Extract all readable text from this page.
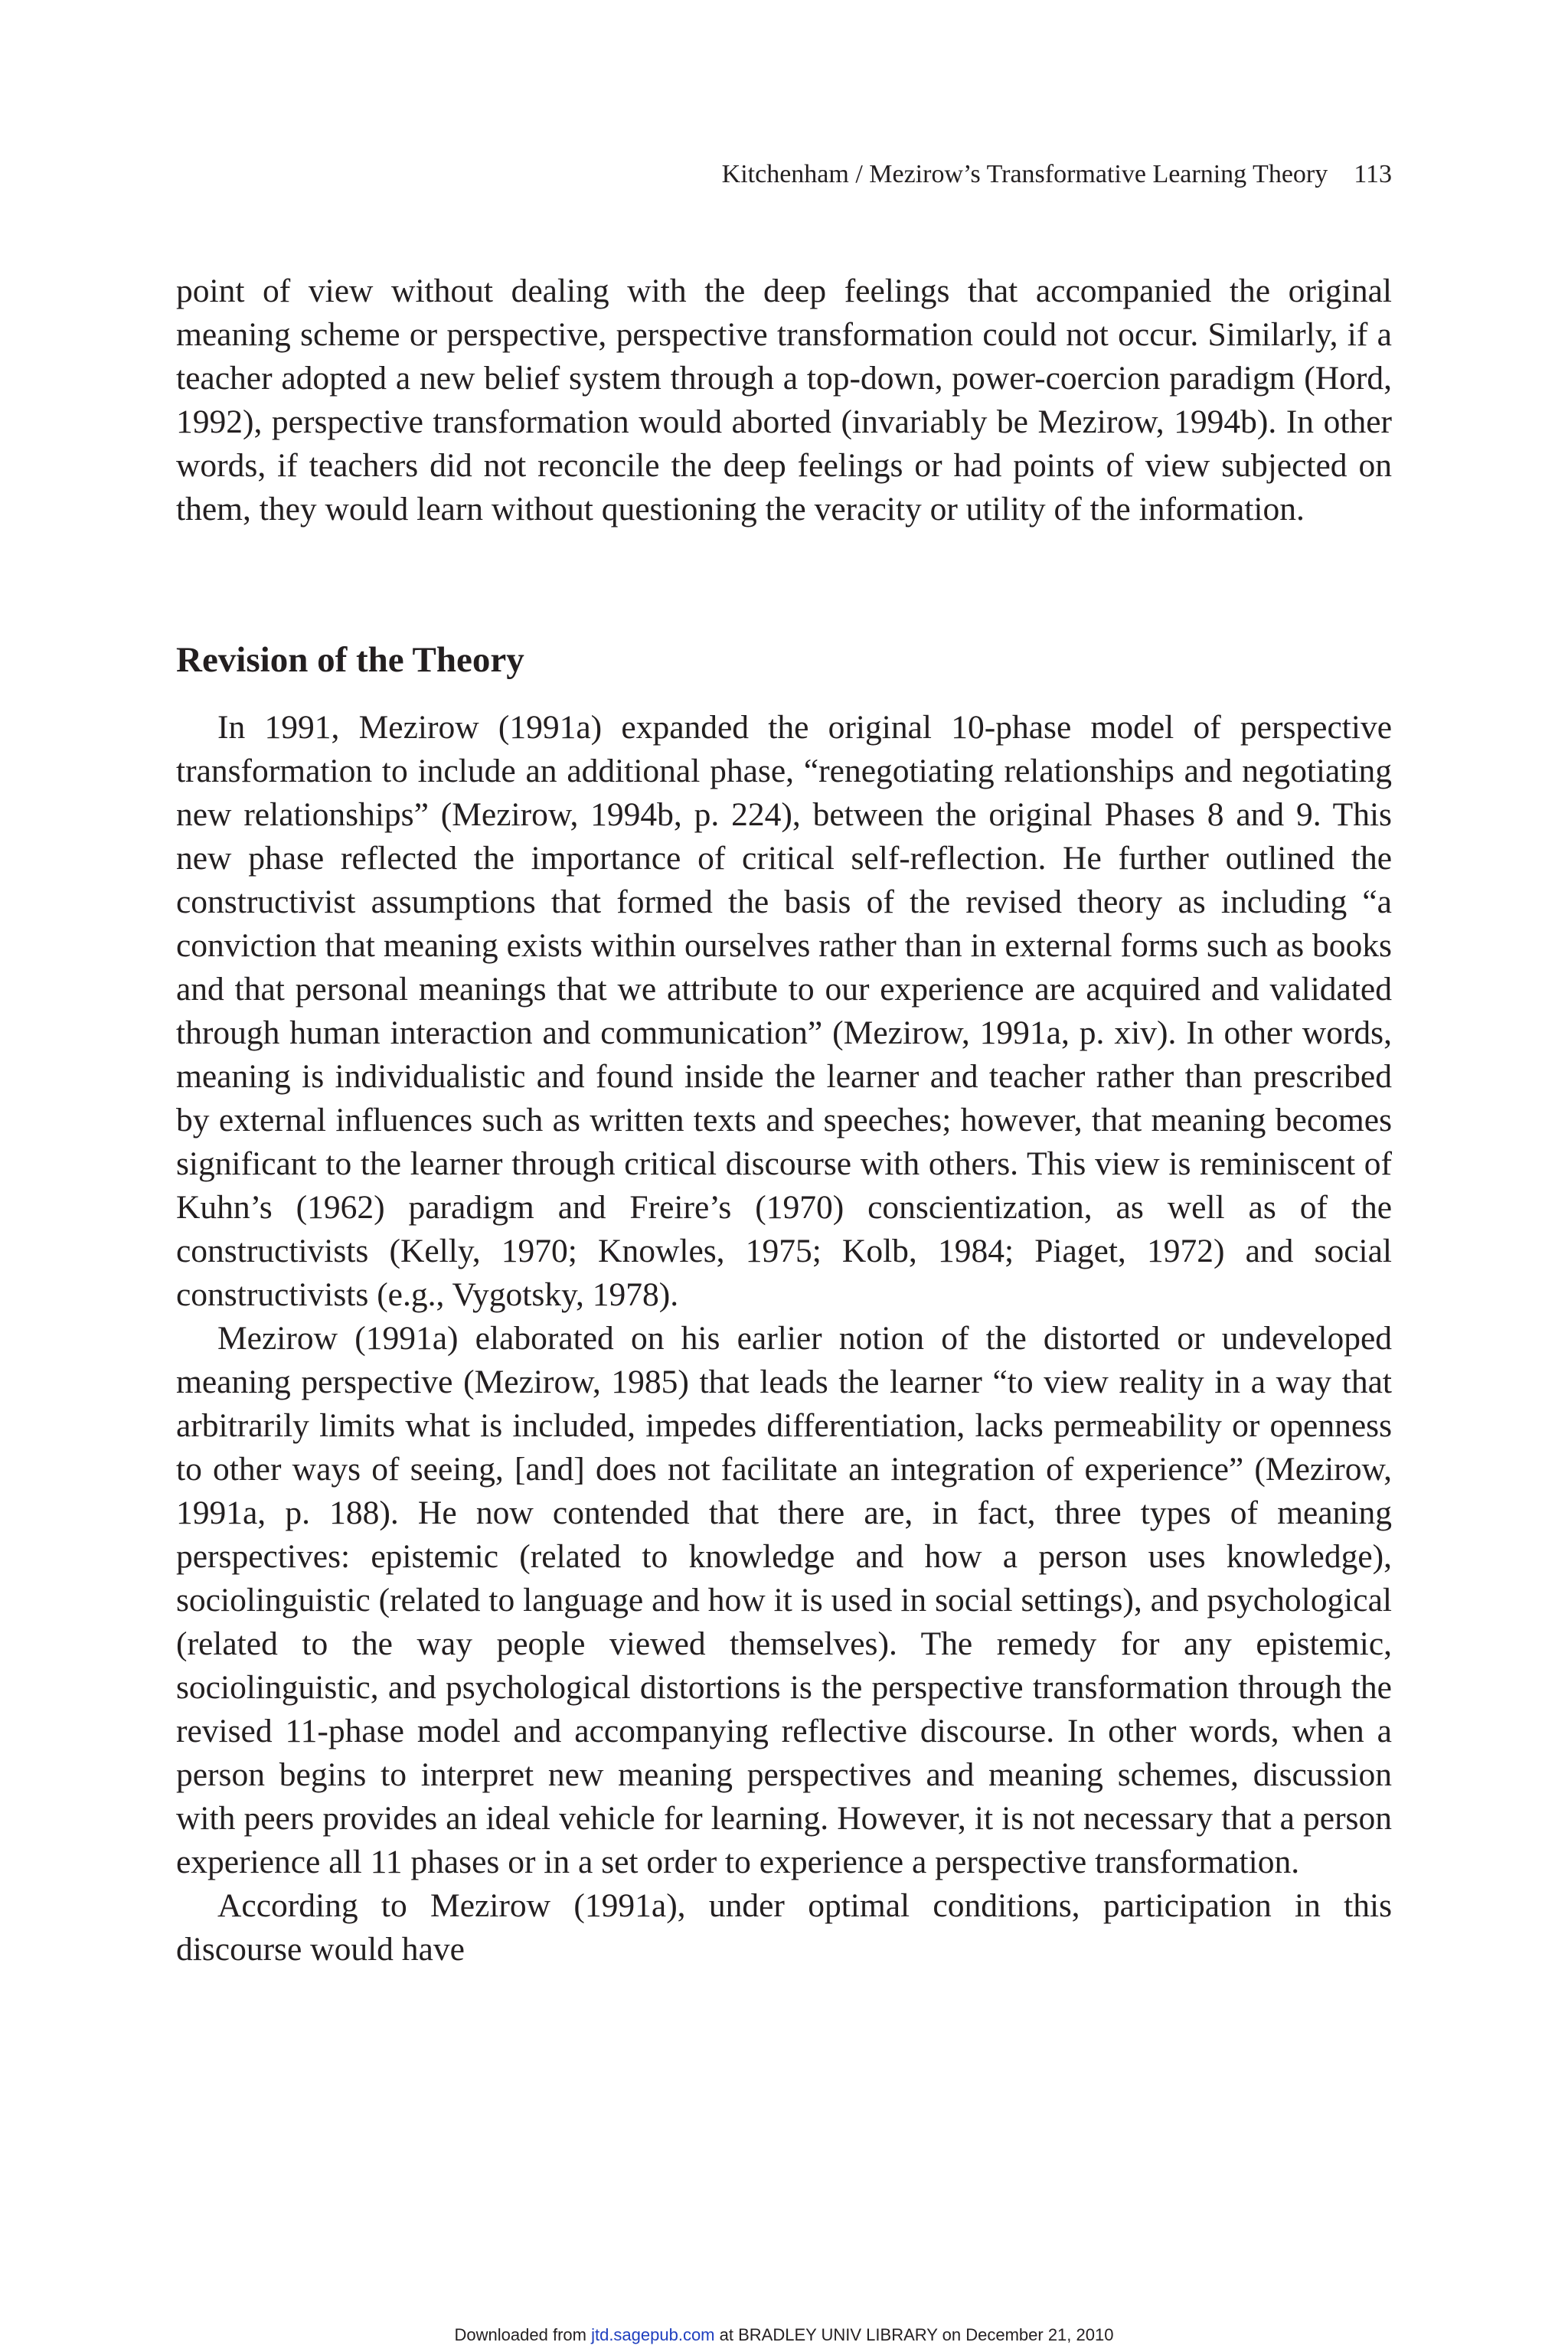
Kitchenham / Mezirow’s Transformative Learning Theory 113

point of view without dealing with the deep feelings that accompanied the original meaning scheme or perspective, perspective transformation could not occur. Similarly, if a teacher adopted a new belief system through a top-down, power-coercion paradigm (Hord, 1992), perspective transformation would aborted (invariably be Mezirow, 1994b). In other words, if teachers did not reconcile the deep feelings or had points of view subjected on them, they would learn without questioning the veracity or utility of the information.

Revision of the Theory

In 1991, Mezirow (1991a) expanded the original 10-phase model of perspective transformation to include an additional phase, “renegotiating relationships and negotiating new relationships” (Mezirow, 1994b, p. 224), between the original Phases 8 and 9. This new phase reflected the importance of critical self-reflection. He further outlined the constructivist assumptions that formed the basis of the revised theory as including “a conviction that meaning exists within ourselves rather than in external forms such as books and that personal meanings that we attribute to our experience are acquired and validated through human interaction and communication” (Mezirow, 1991a, p. xiv). In other words, meaning is individualistic and found inside the learner and teacher rather than prescribed by external influences such as written texts and speeches; however, that meaning becomes significant to the learner through critical discourse with others. This view is reminiscent of Kuhn’s (1962) paradigm and Freire’s (1970) conscientization, as well as of the constructivists (Kelly, 1970; Knowles, 1975; Kolb, 1984; Piaget, 1972) and social constructivists (e.g., Vygotsky, 1978).

Mezirow (1991a) elaborated on his earlier notion of the distorted or undeveloped meaning perspective (Mezirow, 1985) that leads the learner “to view reality in a way that arbitrarily limits what is included, impedes differentiation, lacks permeability or openness to other ways of seeing, [and] does not facilitate an integration of experience” (Mezirow, 1991a, p. 188). He now contended that there are, in fact, three types of meaning perspectives: epistemic (related to knowledge and how a person uses knowledge), sociolinguistic (related to language and how it is used in social settings), and psychological (related to the way people viewed themselves). The remedy for any epistemic, sociolinguistic, and psychological distortions is the perspective transformation through the revised 11-phase model and accompanying reflective discourse. In other words, when a person begins to interpret new meaning perspectives and meaning schemes, discussion with peers provides an ideal vehicle for learning. However, it is not necessary that a person experience all 11 phases or in a set order to experience a perspective transformation.

According to Mezirow (1991a), under optimal conditions, participation in this discourse would have

Downloaded from jtd.sagepub.com at BRADLEY UNIV LIBRARY on December 21, 2010
